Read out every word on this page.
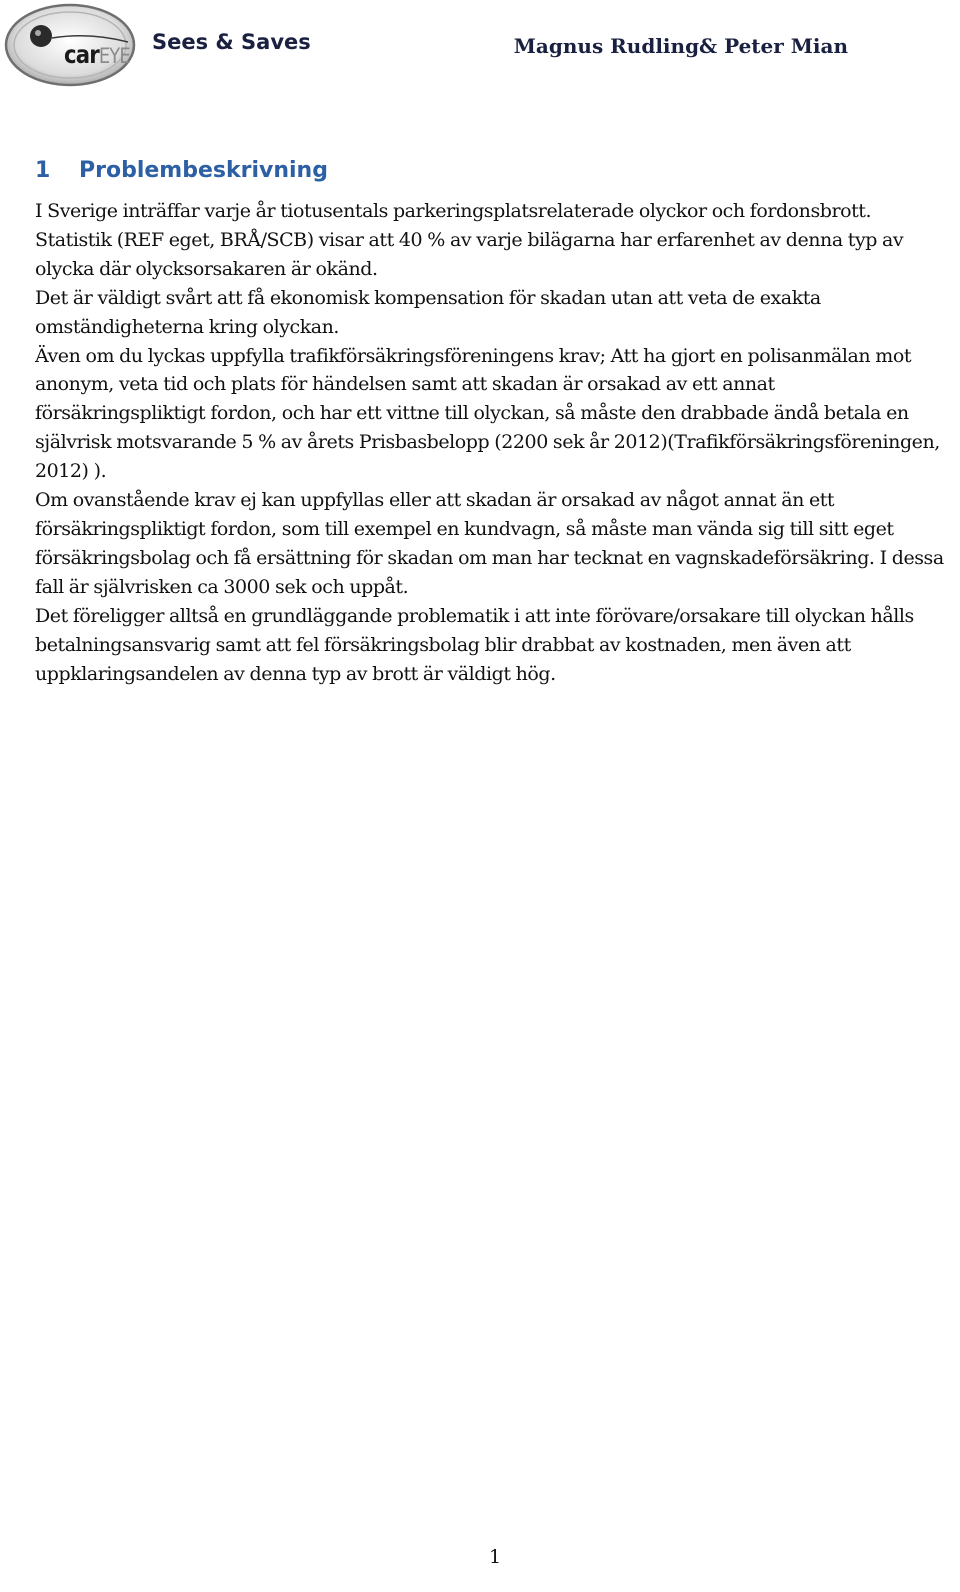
carEYE
Sees & Saves	Magnus Rudling& Peter Mian
1 Problembeskrivning

I Sverige inträffar varje år tiotusentals parkeringsplatsrelaterade olyckor och fordonsbrott. Statistik (REF eget, BRÅ/SCB) visar att 40 % av varje bilägarna har erfarenhet av denna typ av olycka där olycksorsakaren är okänd.

Det är väldigt svårt att få ekonomisk kompensation för skadan utan att veta de exakta omständigheterna kring olyckan.

Även om du lyckas uppfylla trafikförsäkringsföreningens krav; Att ha gjort en polisanmälan mot anonym, veta tid och plats för händelsen samt att skadan är orsakad av ett annat försäkringspliktigt fordon, och har ett vittne till olyckan, så måste den drabbade ändå betala en självrisk motsvarande 5 % av årets Prisbasbelopp (2200 sek år 2012)(Trafikförsäkringsföreningen, 2012) ).

Om ovanstående krav ej kan uppfyllas eller att skadan är orsakad av något annat än ett försäkringspliktigt fordon, som till exempel en kundvagn, så måste man vända sig till sitt eget försäkringsbolag och få ersättning för skadan om man har tecknat en vagnskadeförsäkring. I dessa fall är självrisken ca 3000 sek och uppåt.

Det föreligger alltså en grundläggande problematik i att inte förövare/orsakare till olyckan hålls betalningsansvarig samt att fel försäkringsbolag blir drabbat av kostnaden, men även att uppklaringsandelen av denna typ av brott är väldigt hög.

1
